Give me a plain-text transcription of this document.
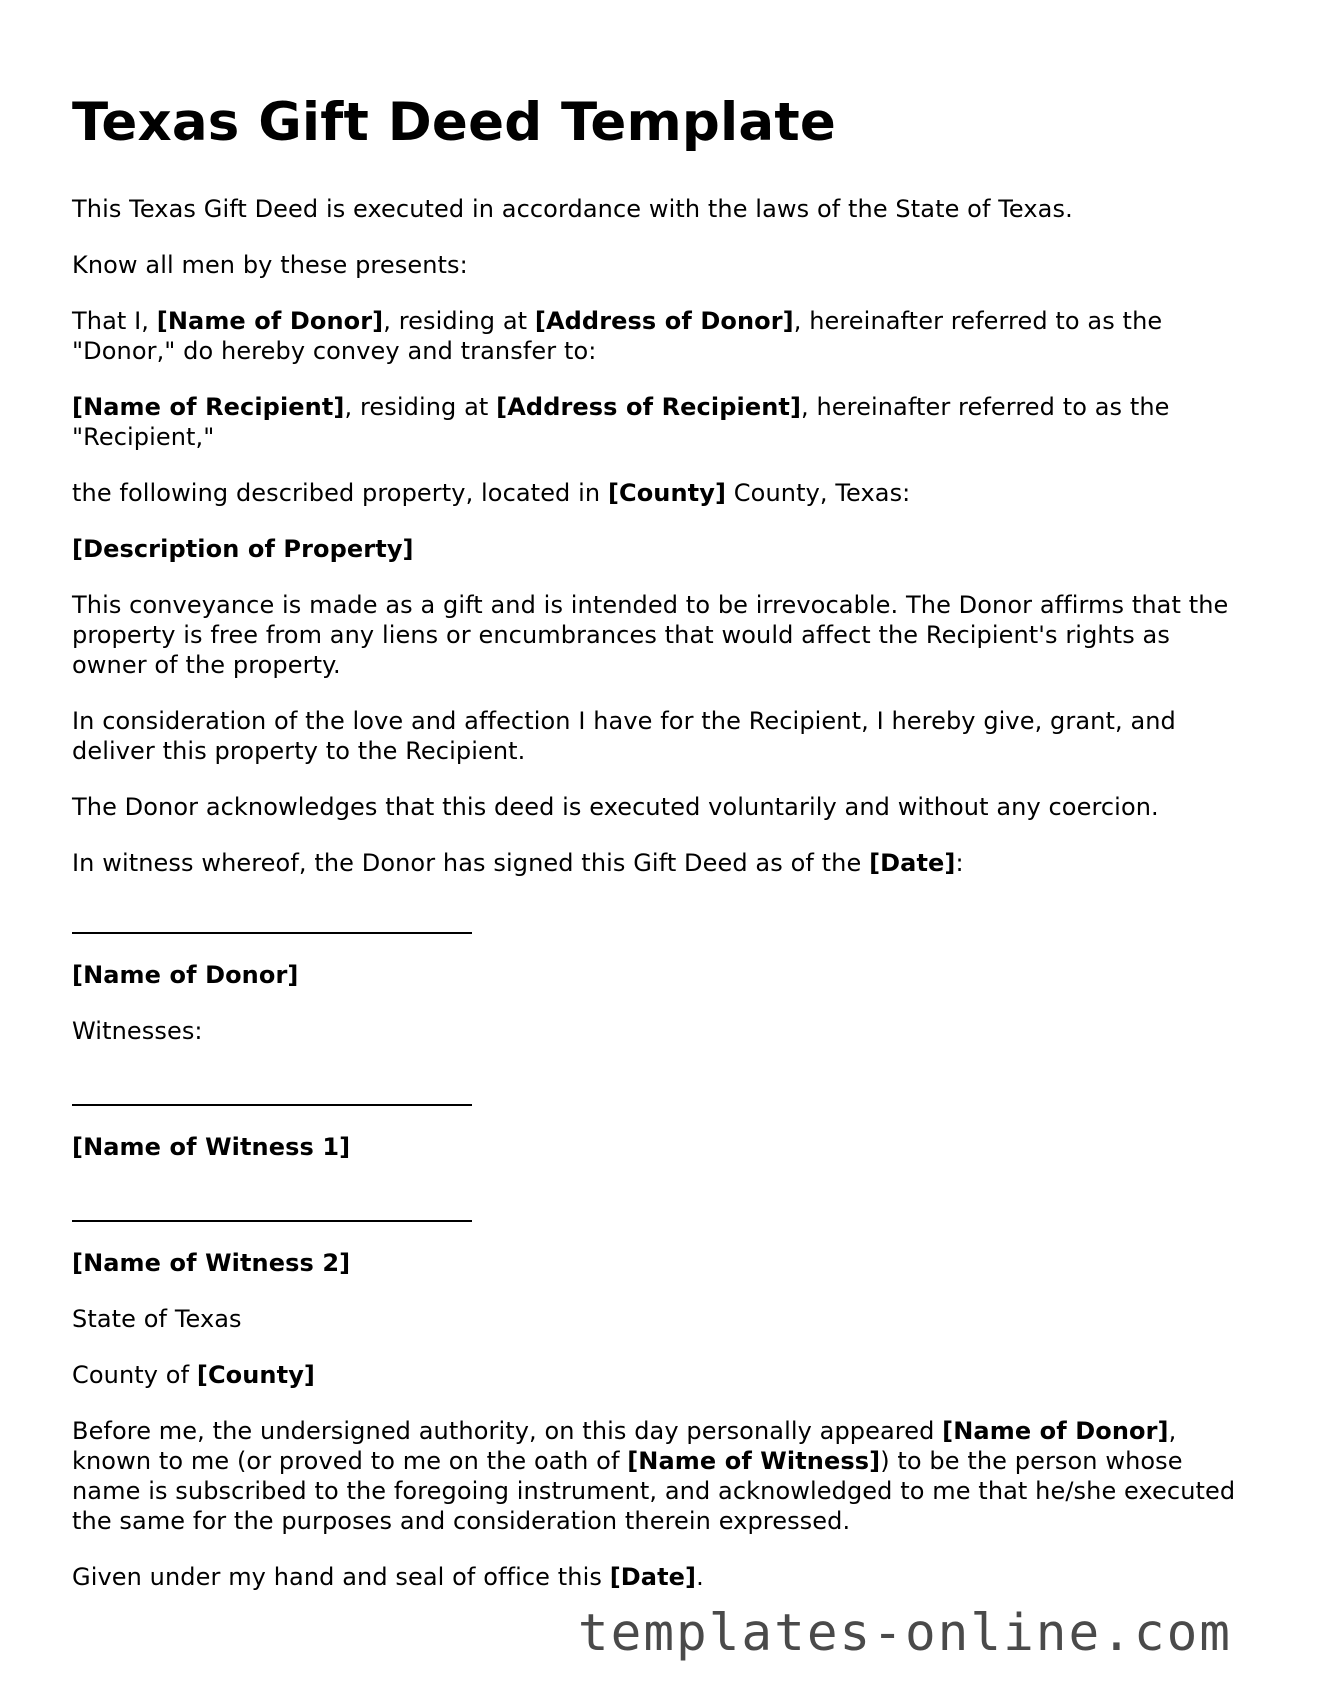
Texas Gift Deed Template

This Texas Gift Deed is executed in accordance with the laws of the State of Texas.

Know all men by these presents:

That I, [Name of Donor], residing at [Address of Donor], hereinafter referred to as the "Donor," do hereby convey and transfer to:

[Name of Recipient], residing at [Address of Recipient], hereinafter referred to as the "Recipient,"

the following described property, located in [County] County, Texas:

[Description of Property]

This conveyance is made as a gift and is intended to be irrevocable. The Donor affirms that the property is free from any liens or encumbrances that would affect the Recipient's rights as owner of the property.

In consideration of the love and affection I have for the Recipient, I hereby give, grant, and deliver this property to the Recipient.

The Donor acknowledges that this deed is executed voluntarily and without any coercion.

In witness whereof, the Donor has signed this Gift Deed as of the [Date]:

[Name of Donor]

Witnesses:

[Name of Witness 1]

[Name of Witness 2]

State of Texas

County of [County]

Before me, the undersigned authority, on this day personally appeared [Name of Donor], known to me (or proved to me on the oath of [Name of Witness]) to be the person whose name is subscribed to the foregoing instrument, and acknowledged to me that he/she executed the same for the purposes and consideration therein expressed.

Given under my hand and seal of office this [Date].

templates-online.com
